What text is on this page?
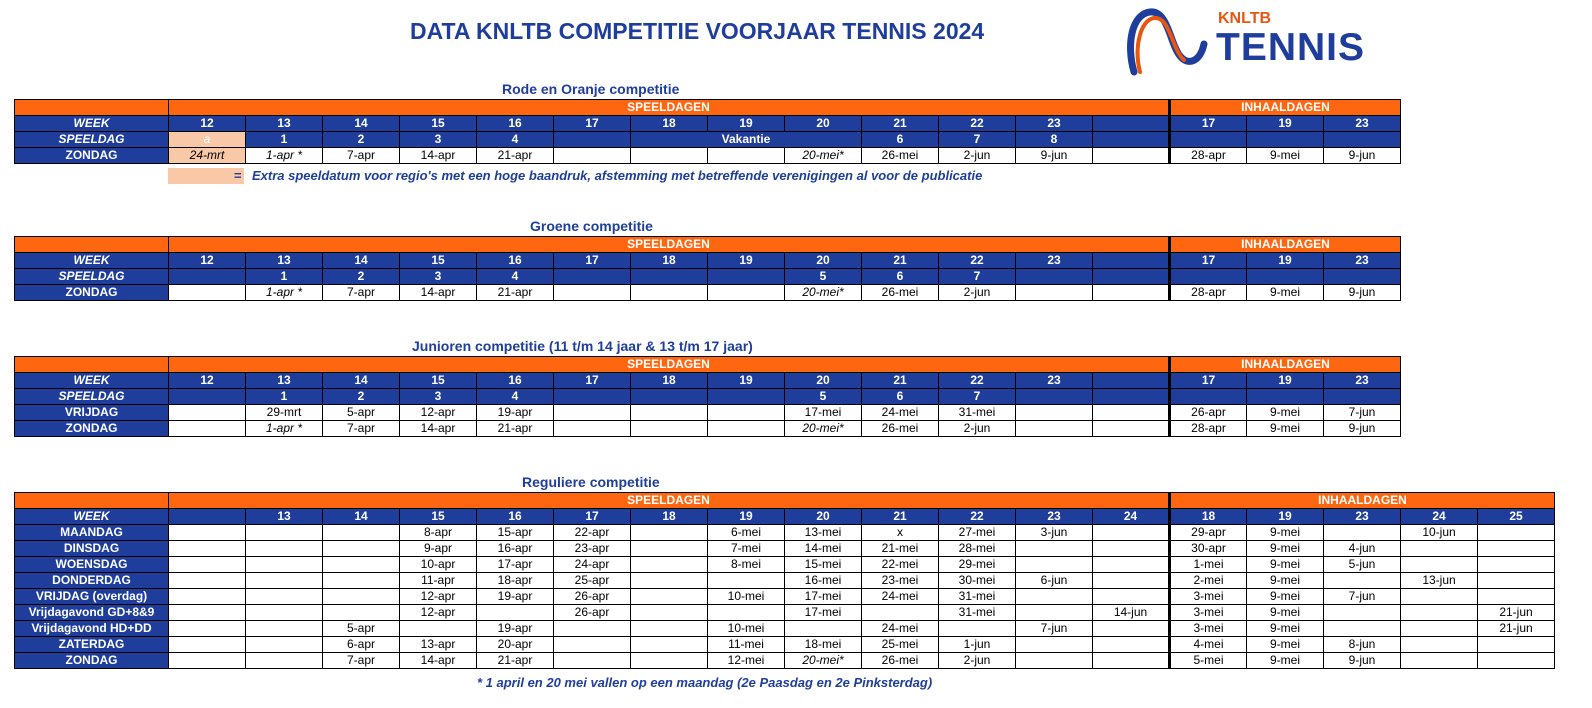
DATA KNLTB COMPETITIE VOORJAAR TENNIS 2024	KNLTB
TENNIS
Rode en Oranje competitie
	SPEELDAGEN													INHAALDAGEN		
WEEK	12	13	14	15	16	17	18	19	20	21	22	23		17	19	23
SPEELDAG	a	1	2	3	4		Vakantie			6	7	8				
ZONDAG	24-mrt	1-apr *	7-apr	14-apr	21-apr				20-mei*	26-mei	2-jun	9-jun		28-apr	9-mei	9-jun
= Extra speeldatum voor regio's met een hoge baandruk, afstemming met betreffende verenigingen al voor de publicatie
Groene competitie
	SPEELDAGEN													INHAALDAGEN		
WEEK	12	13	14	15	16	17	18	19	20	21	22	23		17	19	23
SPEELDAG		1	2	3	4				5	6	7					
ZONDAG		1-apr *	7-apr	14-apr	21-apr				20-mei*	26-mei	2-jun			28-apr	9-mei	9-jun
Junioren competitie (11 t/m 14 jaar & 13 t/m 17 jaar)
	SPEELDAGEN													INHAALDAGEN		
WEEK	12	13	14	15	16	17	18	19	20	21	22	23		17	19	23
SPEELDAG		1	2	3	4				5	6	7					
VRIJDAG		29-mrt	5-apr	12-apr	19-apr				17-mei	24-mei	31-mei			26-apr	9-mei	7-jun
ZONDAG		1-apr *	7-apr	14-apr	21-apr				20-mei*	26-mei	2-jun			28-apr	9-mei	9-jun
Reguliere competitie
	SPEELDAGEN													INHAALDAGEN				
WEEK		13	14	15	16	17	18	19	20	21	22	23	24	18	19	23	24	25
MAANDAG				8-apr	15-apr	22-apr		6-mei	13-mei	x	27-mei	3-jun		29-apr	9-mei		10-jun	
DINSDAG				9-apr	16-apr	23-apr		7-mei	14-mei	21-mei	28-mei			30-apr	9-mei	4-jun		
WOENSDAG				10-apr	17-apr	24-apr		8-mei	15-mei	22-mei	29-mei			1-mei	9-mei	5-jun		
DONDERDAG				11-apr	18-apr	25-apr			16-mei	23-mei	30-mei	6-jun		2-mei	9-mei		13-jun	
VRIJDAG (overdag)				12-apr	19-apr	26-apr		10-mei	17-mei	24-mei	31-mei			3-mei	9-mei	7-jun		
Vrijdagavond GD+8&9				12-apr		26-apr			17-mei		31-mei		14-jun	3-mei	9-mei			21-jun
Vrijdagavond HD+DD			5-apr		19-apr			10-mei		24-mei		7-jun		3-mei	9-mei			21-jun
ZATERDAG			6-apr	13-apr	20-apr			11-mei	18-mei	25-mei	1-jun			4-mei	9-mei	8-jun		
ZONDAG			7-apr	14-apr	21-apr			12-mei	20-mei*	26-mei	2-jun			5-mei	9-mei	9-jun		
* 1 april en 20 mei vallen op een maandag (2e Paasdag en 2e Pinksterdag)
